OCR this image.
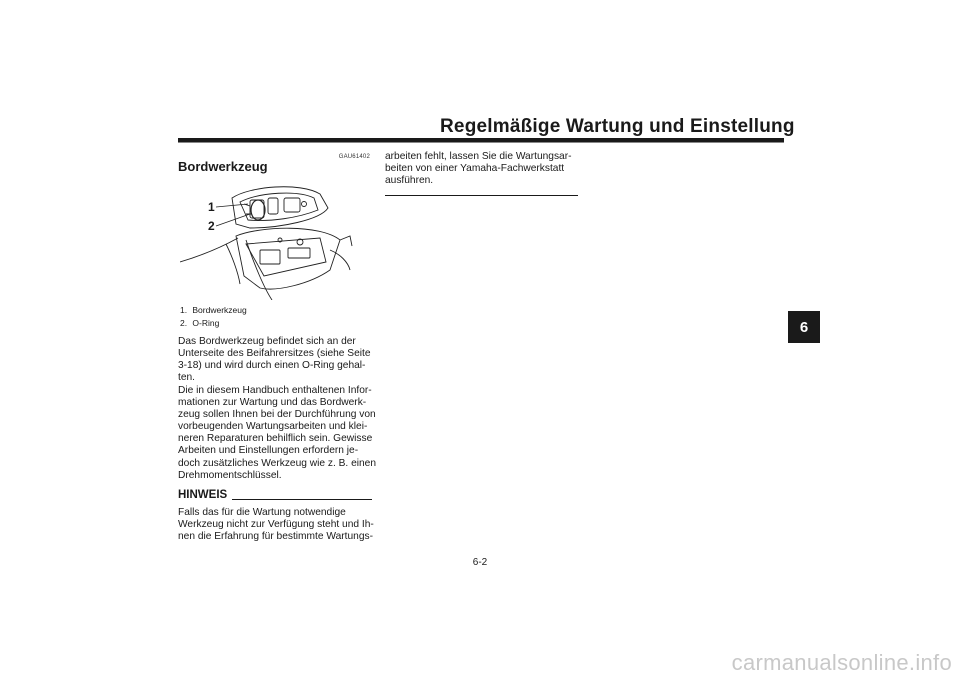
Regelmäßige Wartung und Einstellung
6
GAU61402
Bordwerkzeug
1
2
1. Bordwerkzeug
2. O-Ring
Das Bordwerkzeug befindet sich an der
Unterseite des Beifahrersitzes (siehe Seite
3-18) und wird durch einen O-Ring gehal-
ten.
Die in diesem Handbuch enthaltenen Infor-
mationen zur Wartung und das Bordwerk-
zeug sollen Ihnen bei der Durchführung von
vorbeugenden Wartungsarbeiten und klei-
neren Reparaturen behilflich sein. Gewisse
Arbeiten und Einstellungen erfordern je-
doch zusätzliches Werkzeug wie z. B. einen
Drehmomentschlüssel.
HINWEIS
Falls das für die Wartung notwendige
Werkzeug nicht zur Verfügung steht und Ih-
nen die Erfahrung für bestimmte Wartungs-
arbeiten fehlt, lassen Sie die Wartungsar-
beiten von einer Yamaha-Fachwerkstatt
ausführen.
6-2
carmanualsonline.info
